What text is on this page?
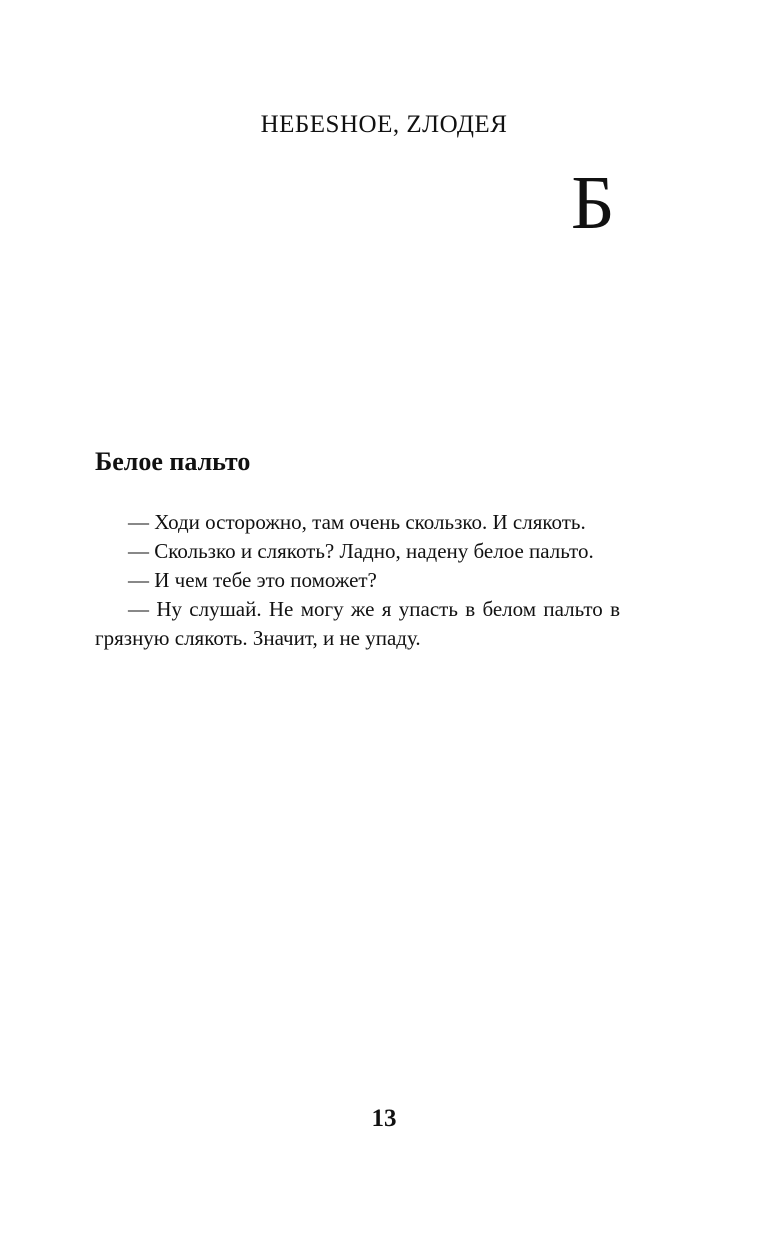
НЕБЕSНОЕ, ZЛОДЕЯ
Б
Белое пальто

— Ходи осторожно, там очень скользко. И слякоть.

— Скользко и слякоть? Ладно, надену белое пальто.

— И чем тебе это поможет?

— Ну слушай. Не могу же я упасть в белом пальто в грязную слякоть. Значит, и не упаду.

13
